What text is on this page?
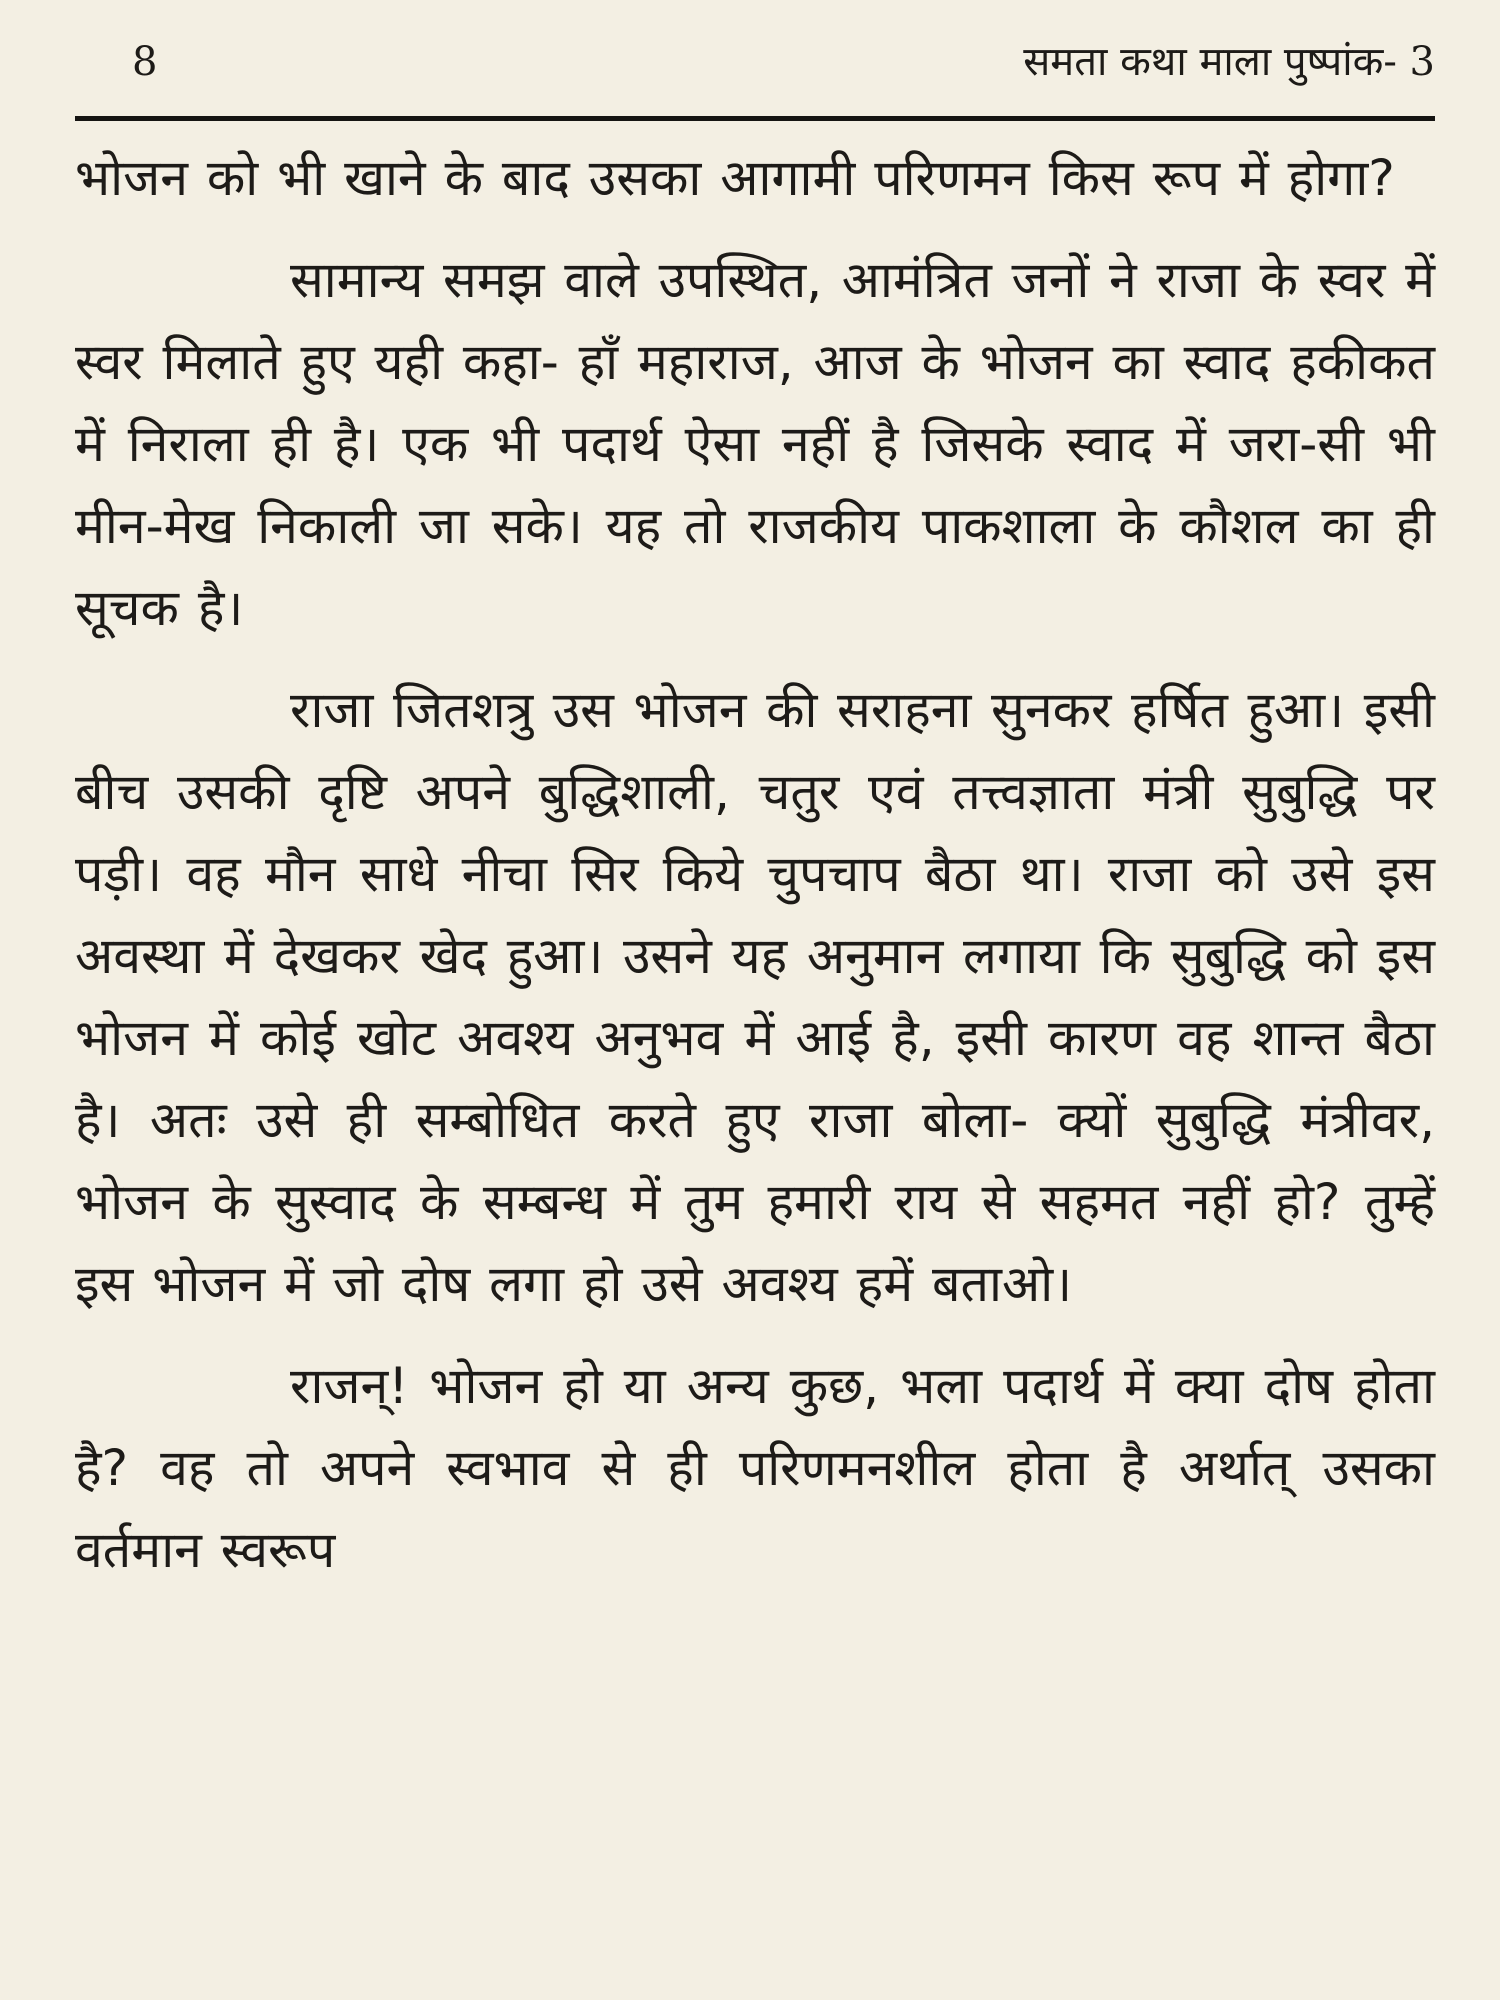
8	समता कथा माला पुष्पांक- 3

भोजन को भी खाने के बाद उसका आगामी परिणमन किस रूप में होगा?

सामान्य समझ वाले उपस्थित, आमंत्रित जनों ने राजा के स्वर में स्वर मिलाते हुए यही कहा- हाँ महाराज, आज के भोजन का स्वाद हकीकत में निराला ही है। एक भी पदार्थ ऐसा नहीं है जिसके स्वाद में जरा-सी भी मीन-मेख निकाली जा सके। यह तो राजकीय पाकशाला के कौशल का ही सूचक है।

राजा जितशत्रु उस भोजन की सराहना सुनकर हर्षित हुआ। इसी बीच उसकी दृष्टि अपने बुद्धिशाली, चतुर एवं तत्त्वज्ञाता मंत्री सुबुद्धि पर पड़ी। वह मौन साधे नीचा सिर किये चुपचाप बैठा था। राजा को उसे इस अवस्था में देखकर खेद हुआ। उसने यह अनुमान लगाया कि सुबुद्धि को इस भोजन में कोई खोट अवश्य अनुभव में आई है, इसी कारण वह शान्त बैठा है। अतः उसे ही सम्बोधित करते हुए राजा बोला- क्यों सुबुद्धि मंत्रीवर, भोजन के सुस्वाद के सम्बन्ध में तुम हमारी राय से सहमत नहीं हो? तुम्हें इस भोजन में जो दोष लगा हो उसे अवश्य हमें बताओ।

राजन्! भोजन हो या अन्य कुछ, भला पदार्थ में क्या दोष होता है? वह तो अपने स्वभाव से ही परिणमनशील होता है अर्थात् उसका वर्तमान स्वरूप
